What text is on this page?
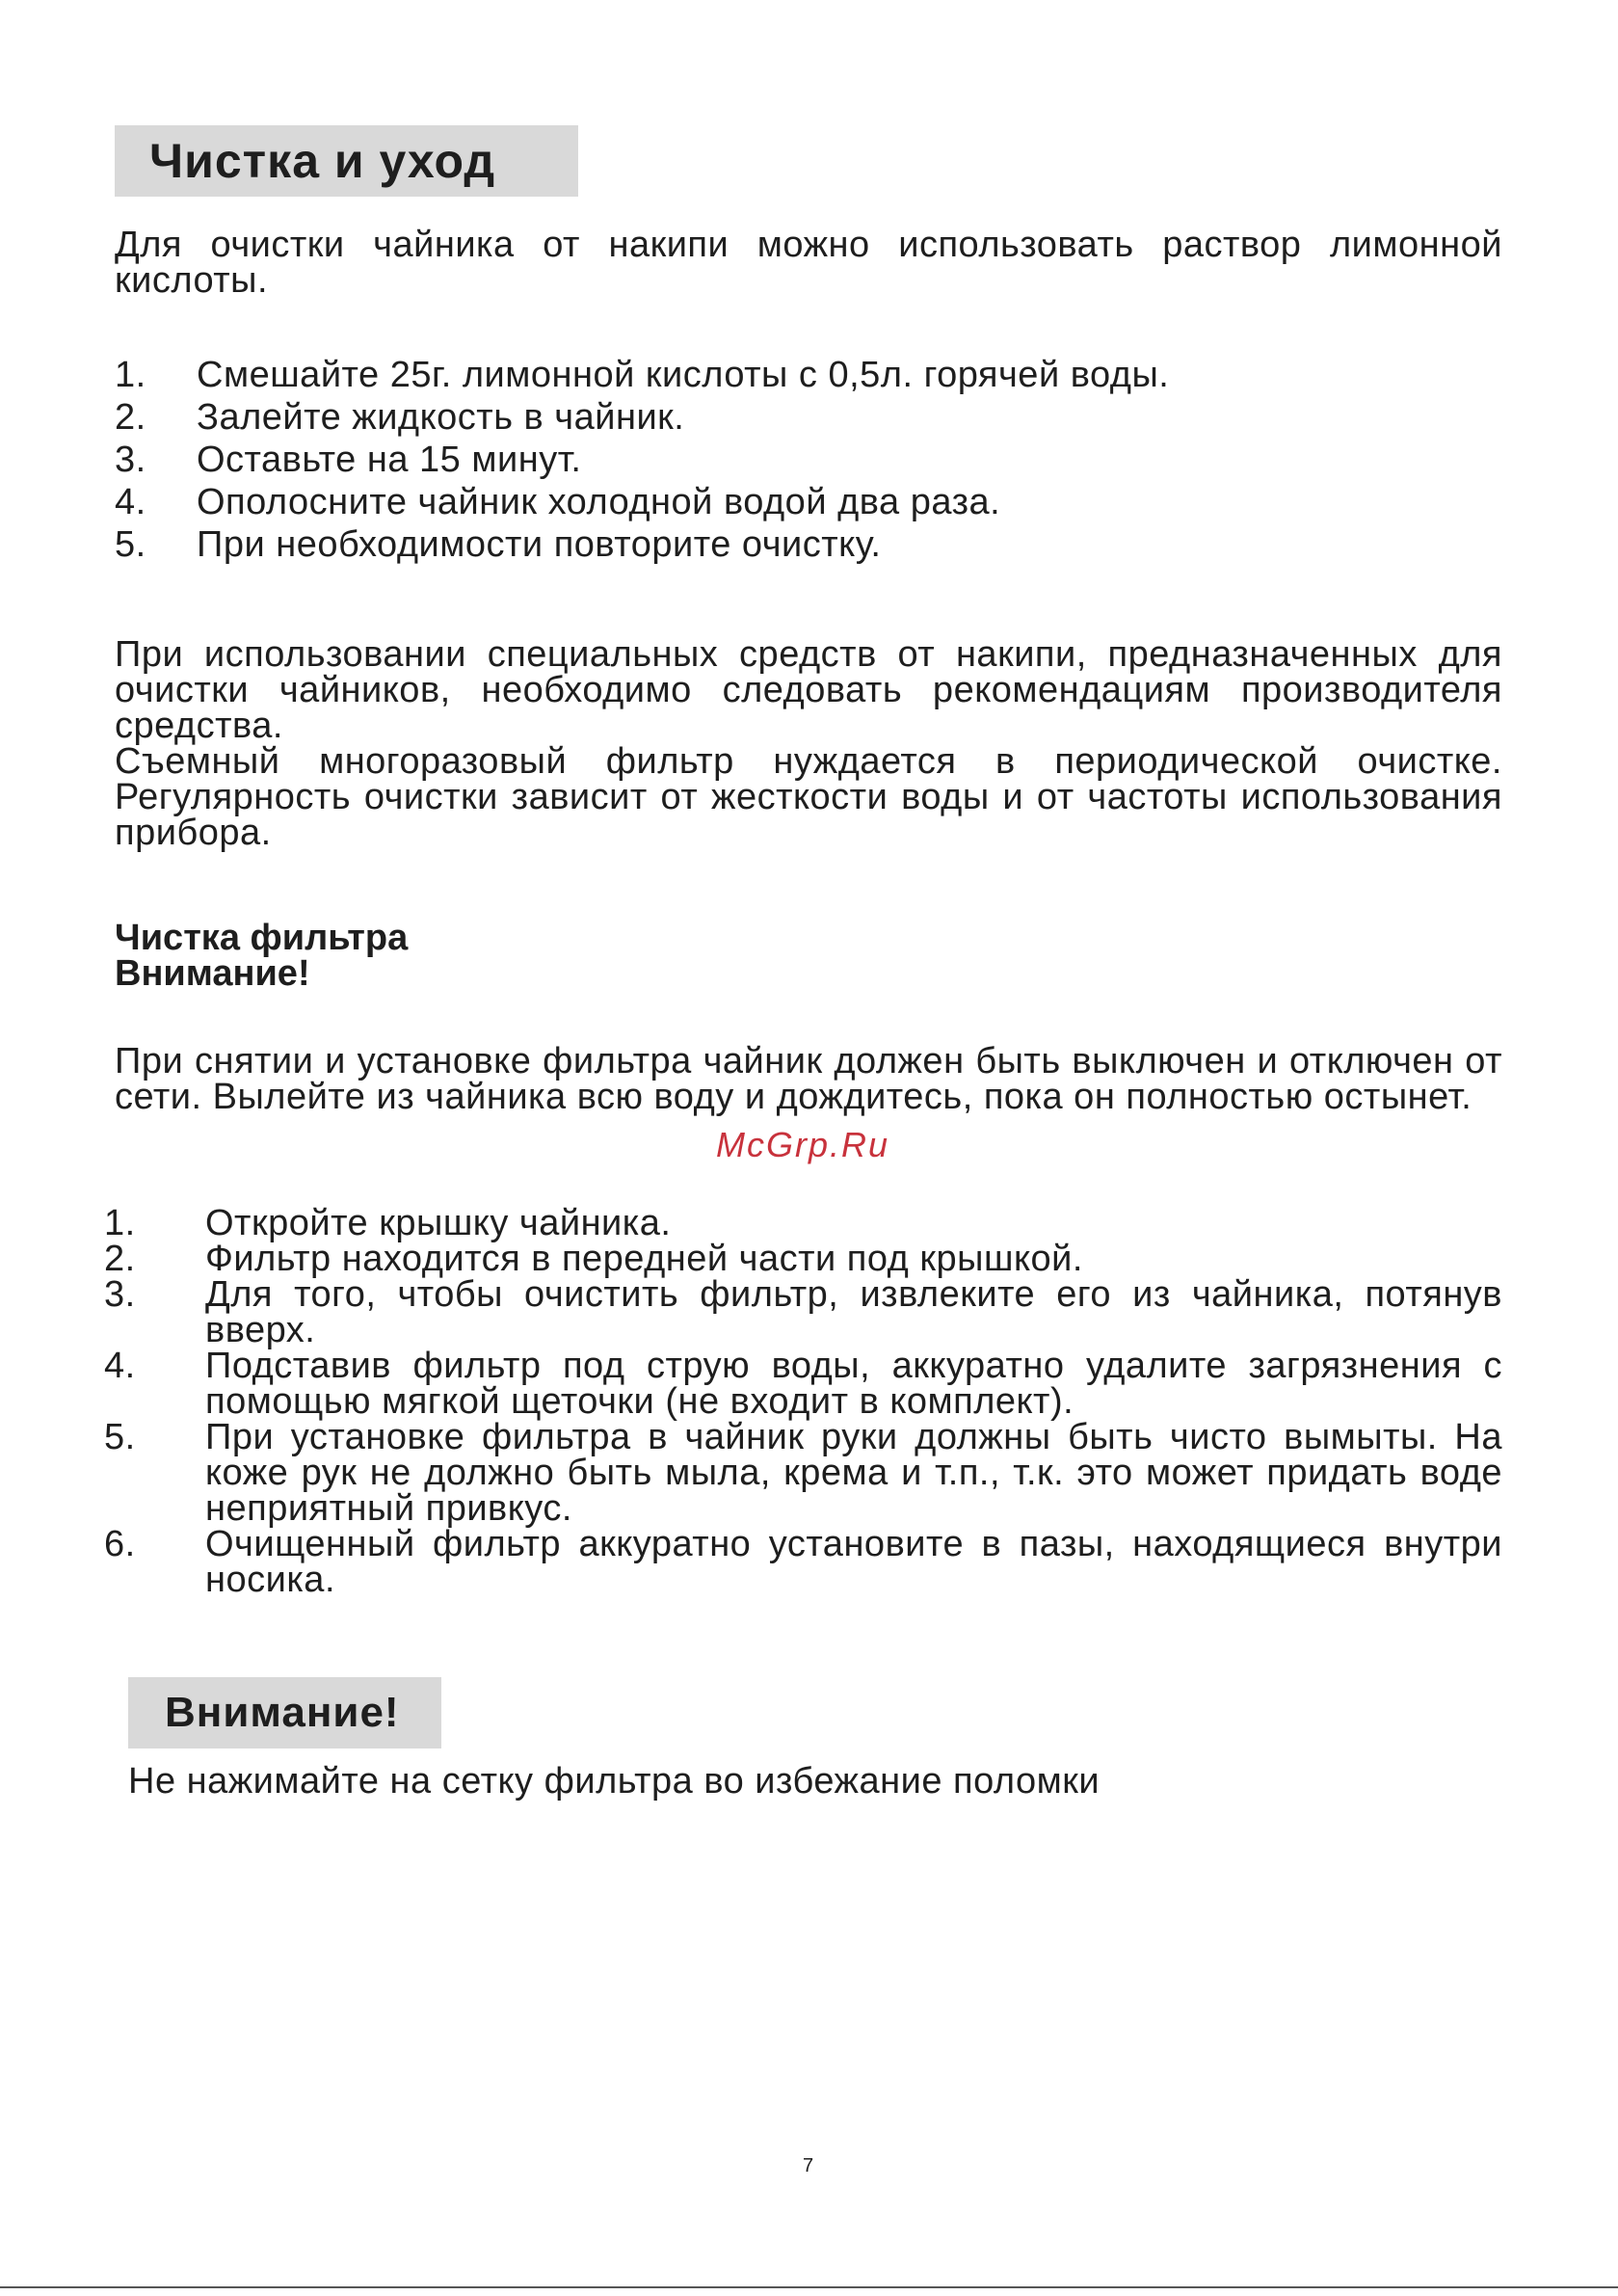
Чистка и уход

Для очистки чайника от накипи можно использовать раствор лимонной кислоты.

1. Смешайте 25г. лимонной кислоты с 0,5л. горячей воды.
2. Залейте жидкость в чайник.
3. Оставьте на 15 минут.
4. Ополосните чайник холодной водой два раза.
5. При необходимости повторите очистку.

При использовании специальных средств от накипи, предназначенных для очистки чайников, необходимо следовать рекомендациям производителя средства.

Съемный многоразовый фильтр нуждается в периодической очистке. Регулярность очистки зависит от жесткости воды и от частоты использования прибора.

Чистка фильтра

Внимание!

При снятии и установке фильтра чайник должен быть выключен и отключен от сети. Вылейте из чайника всю воду и дождитесь, пока он полностью остынет.

McGrp.Ru
1. Откройте крышку чайника.
2. Фильтр находится в передней части под крышкой.
3. Для того, чтобы очистить фильтр, извлеките его из чайника, потянув вверх.
4. Подставив фильтр под струю воды, аккуратно удалите загрязнения с помощью мягкой щеточки (не входит в комплект).
5. При установке фильтра в чайник руки должны быть чисто вымыты. На коже рук не должно быть мыла, крема и т.п., т.к. это может придать воде неприятный привкус.
6. Очищенный фильтр аккуратно установите в пазы, находящиеся внутри носика.
Внимание!

Не нажимайте на сетку фильтра во избежание поломки

7
